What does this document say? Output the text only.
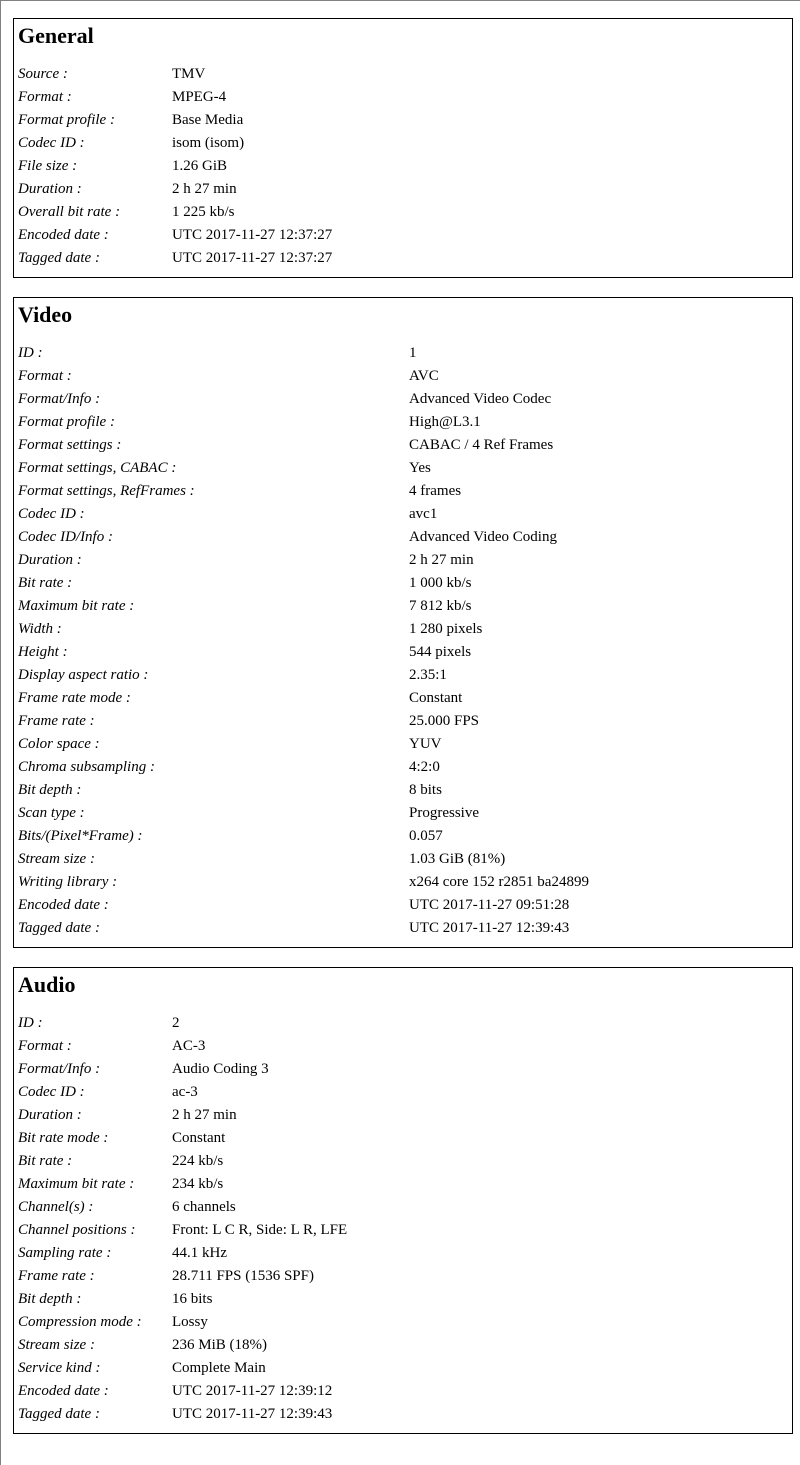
General
Source :	TMV
Format :	MPEG-4
Format profile :	Base Media
Codec ID :	isom (isom)
File size :	1.26 GiB
Duration :	2 h 27 min
Overall bit rate :	1 225 kb/s
Encoded date :	UTC 2017-11-27 12:37:27
Tagged date :	UTC 2017-11-27 12:37:27
Video
ID :	1
Format :	AVC
Format/Info :	Advanced Video Codec
Format profile :	High@L3.1
Format settings :	CABAC / 4 Ref Frames
Format settings, CABAC :	Yes
Format settings, RefFrames :	4 frames
Codec ID :	avc1
Codec ID/Info :	Advanced Video Coding
Duration :	2 h 27 min
Bit rate :	1 000 kb/s
Maximum bit rate :	7 812 kb/s
Width :	1 280 pixels
Height :	544 pixels
Display aspect ratio :	2.35:1
Frame rate mode :	Constant
Frame rate :	25.000 FPS
Color space :	YUV
Chroma subsampling :	4:2:0
Bit depth :	8 bits
Scan type :	Progressive
Bits/(Pixel*Frame) :	0.057
Stream size :	1.03 GiB (81%)
Writing library :	x264 core 152 r2851 ba24899
Encoded date :	UTC 2017-11-27 09:51:28
Tagged date :	UTC 2017-11-27 12:39:43
Audio
ID :	2
Format :	AC-3
Format/Info :	Audio Coding 3
Codec ID :	ac-3
Duration :	2 h 27 min
Bit rate mode :	Constant
Bit rate :	224 kb/s
Maximum bit rate :	234 kb/s
Channel(s) :	6 channels
Channel positions :	Front: L C R, Side: L R, LFE
Sampling rate :	44.1 kHz
Frame rate :	28.711 FPS (1536 SPF)
Bit depth :	16 bits
Compression mode :	Lossy
Stream size :	236 MiB (18%)
Service kind :	Complete Main
Encoded date :	UTC 2017-11-27 12:39:12
Tagged date :	UTC 2017-11-27 12:39:43
